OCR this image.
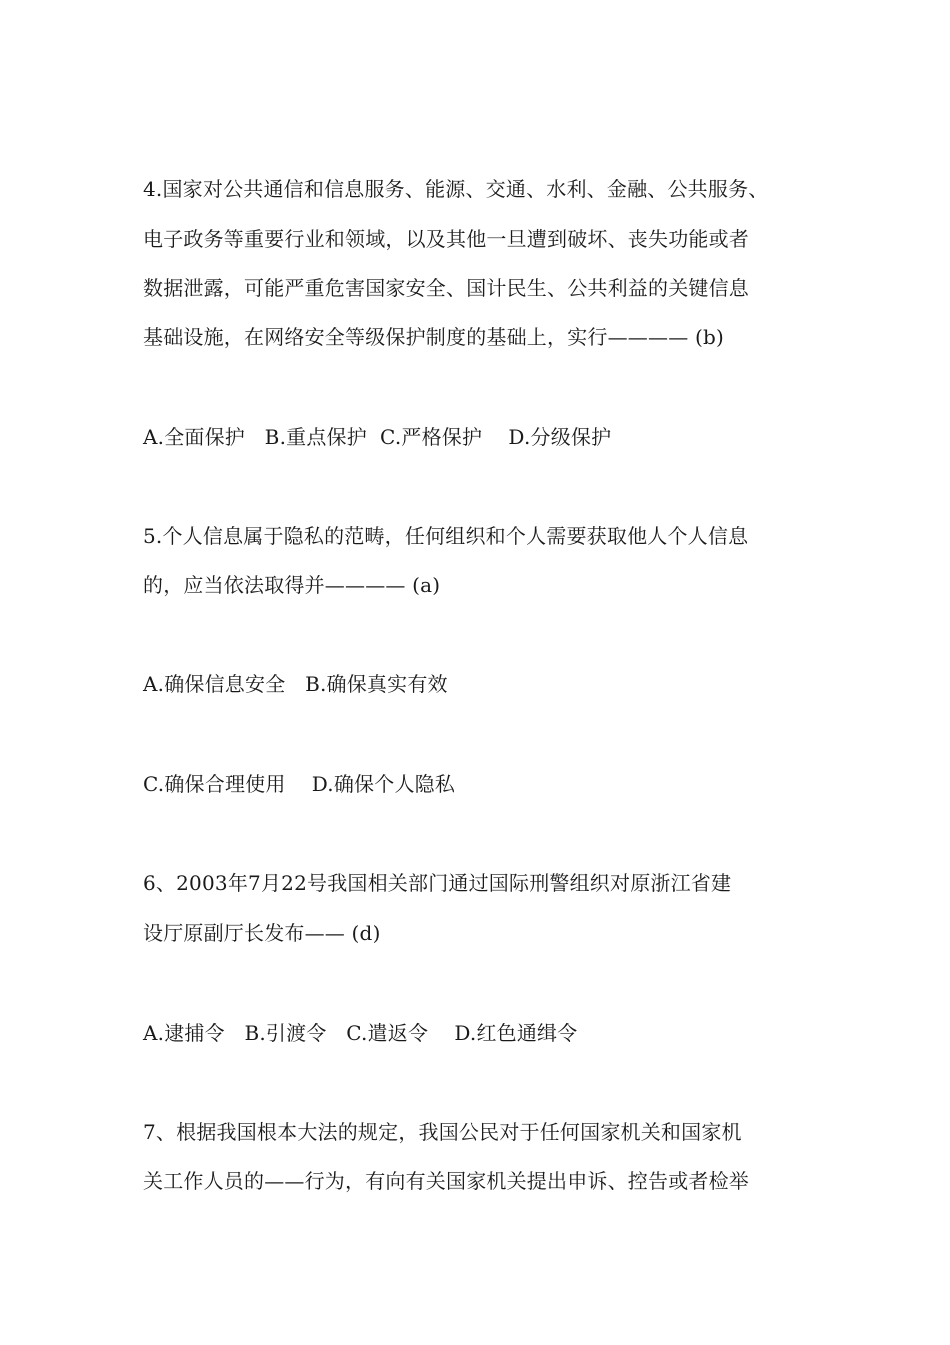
4.国家对公共通信和信息服务、能源、交通、水利、金融、公共服务、
电子政务等重要行业和领域，以及其他一旦遭到破坏、丧失功能或者
数据泄露，可能严重危害国家安全、国计民生、公共利益的关键信息
基础设施，在网络安全等级保护制度的基础上，实行———— (b)
A.全面保护   B.重点保护  C.严格保护    D.分级保护
5.个人信息属于隐私的范畴，任何组织和个人需要获取他人个人信息
的，应当依法取得并———— (a)
A.确保信息安全   B.确保真实有效
C.确保合理使用    D.确保个人隐私
6、2003年7月22号我国相关部门通过国际刑警组织对原浙江省建
设厅原副厅长发布—— (d)
A.逮捕令   B.引渡令   C.遣返令    D.红色通缉令
7、根据我国根本大法的规定，我国公民对于任何国家机关和国家机
关工作人员的——行为，有向有关国家机关提出申诉、控告或者检举
